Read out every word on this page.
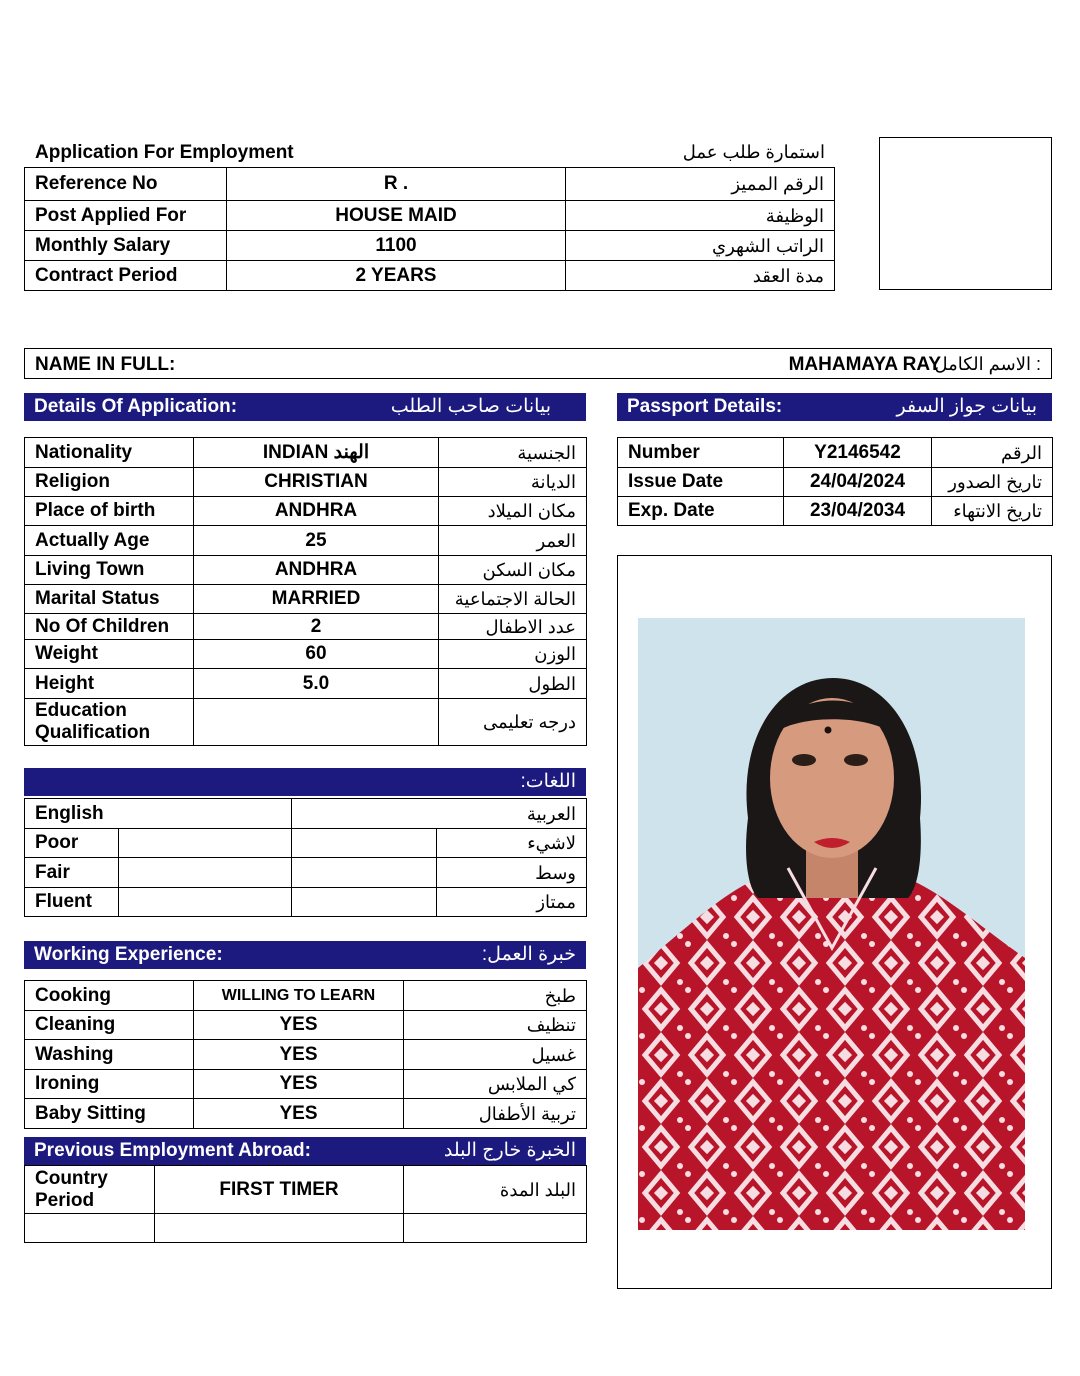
Application For Employment	استمارة طلب عمل
Reference No	R .	الرقم المميز
Post Applied For	HOUSE MAID	الوظيفة
Monthly Salary	1100	الراتب الشهري
Contract Period	2 YEARS	مدة العقد
NAME IN FULL:	MAHAMAYA RAY
: الاسم الكامل
Details Of Application:	بيانات صاحب الطلب	Passport Details:	بيانات جواز السفر
Nationality	INDIAN الهند	الجنسية
Religion	CHRISTIAN	الديانة
Place of birth	ANDHRA	مكان الميلاد
Actually Age	25	العمر
Living Town	ANDHRA	مكان السكن
Marital Status	MARRIED	الحالة الاجتماعية
No Of Children	2	عدد الاطفال
Weight	60	الوزن
Height	5.0	الطول
Education Qualification		درجه تعليمى
Number	Y2146542	الرقم
Issue Date	24/04/2024	تاريخ الصدور
Exp. Date	23/04/2034	تاريخ الانتهاء
اللغات:
English		العربية	
Poor			لاشيء
Fair			وسط
Fluent			ممتاز
Working Experience:	خبرة العمل:
Cooking	WILLING TO LEARN	طبخ
Cleaning	YES	تنظيف
Washing	YES	غسيل
Ironing	YES	كي الملابس
Baby Sitting	YES	تربية الأطفال
Previous Employment Abroad:	الخبرة خارج البلد
Country Period	FIRST TIMER	البلد المدة
